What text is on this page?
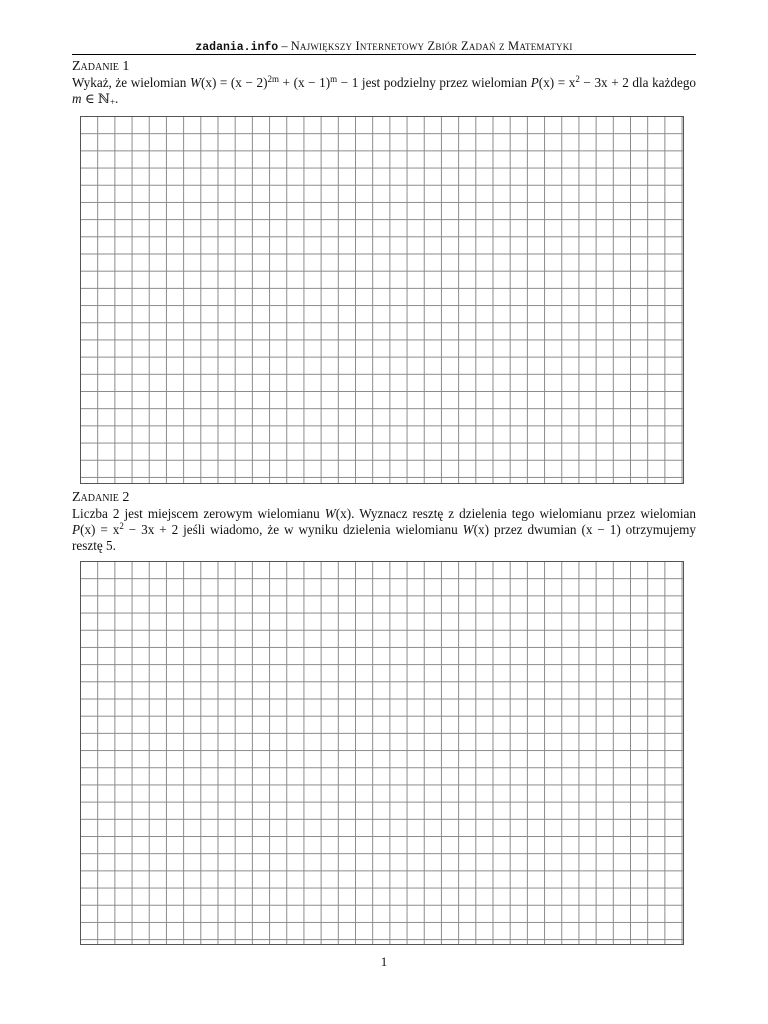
zadania.info – Największy Internetowy Zbiór Zadań z Matematyki
Zadanie 1
Wykaż, że wielomian $W(x) = (x - 2)^{2m} + (x - 1)^m - 1$ jest podzielny przez wielomian $P(x) = x^2 - 3x + 2$ dla każdego m ∈ ℕ$_+$.
Zadanie 2
Liczba 2 jest miejscem zerowym wielomianu W(x). Wyznacz resztę z dzielenia tego wielomianu przez wielomian $P(x) = x^2 - 3x + 2$ jeśli wiadomo, że w wyniku dzielenia wielomianu W(x) przez dwumian (x − 1) otrzymujemy resztę 5.
1
